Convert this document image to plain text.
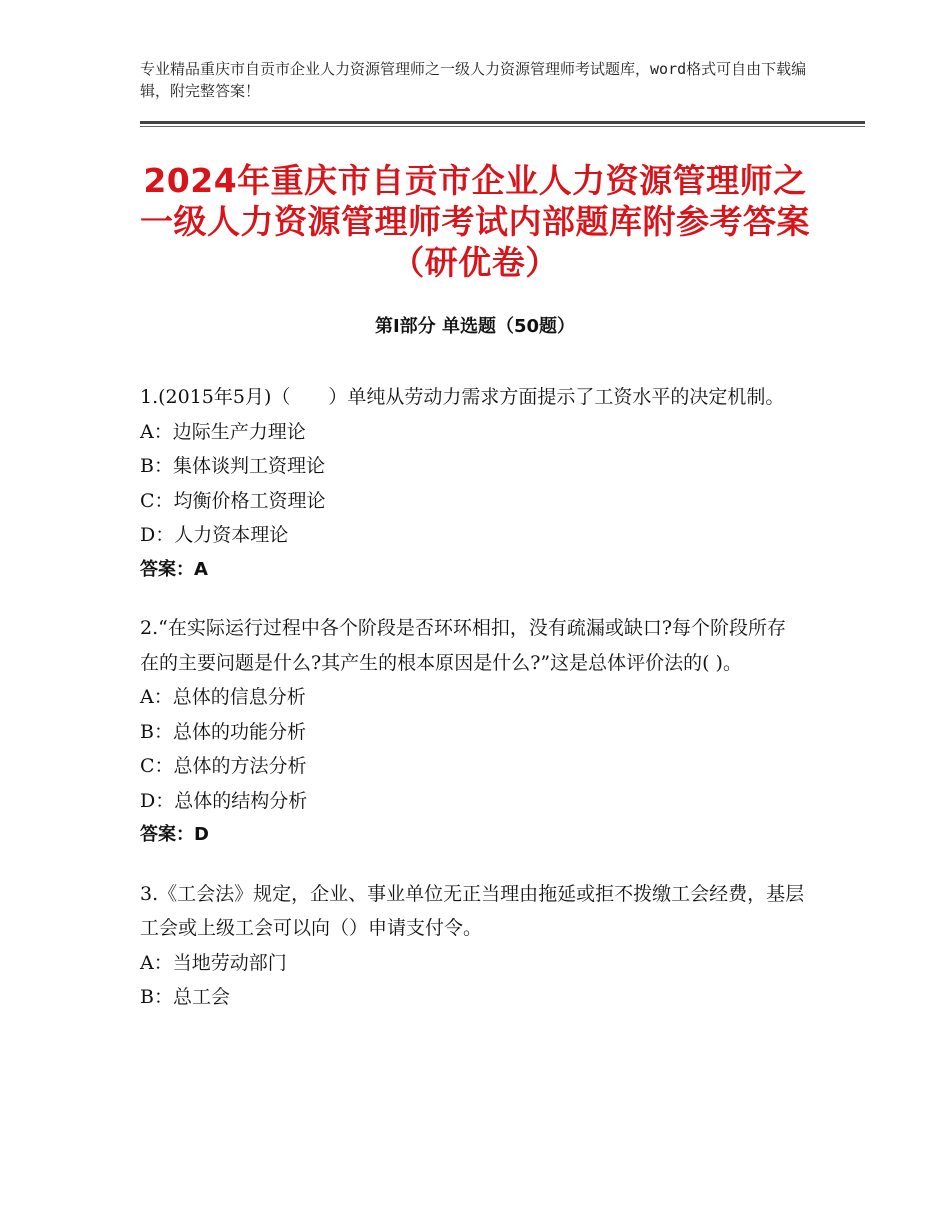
专业精品重庆市自贡市企业人力资源管理师之一级人力资源管理师考试题库，word格式可自由下载编辑，附完整答案！
2024年重庆市自贡市企业人力资源管理师之一级人力资源管理师考试内部题库附参考答案（研优卷）
第Ⅰ部分 单选题（50题）

1.(2015年5月)（　　）单纯从劳动力需求方面提示了工资水平的决定机制。

A：边际生产力理论

B：集体谈判工资理论

C：均衡价格工资理论

D：人力资本理论

答案：A

2.“在实际运行过程中各个阶段是否环环相扣，没有疏漏或缺口?每个阶段所存在的主要问题是什么?其产生的根本原因是什么?”这是总体评价法的( )。

A：总体的信息分析

B：总体的功能分析

C：总体的方法分析

D：总体的结构分析

答案：D

3.《工会法》规定，企业、事业单位无正当理由拖延或拒不拨缴工会经费，基层工会或上级工会可以向（）申请支付令。

A：当地劳动部门

B：总工会
